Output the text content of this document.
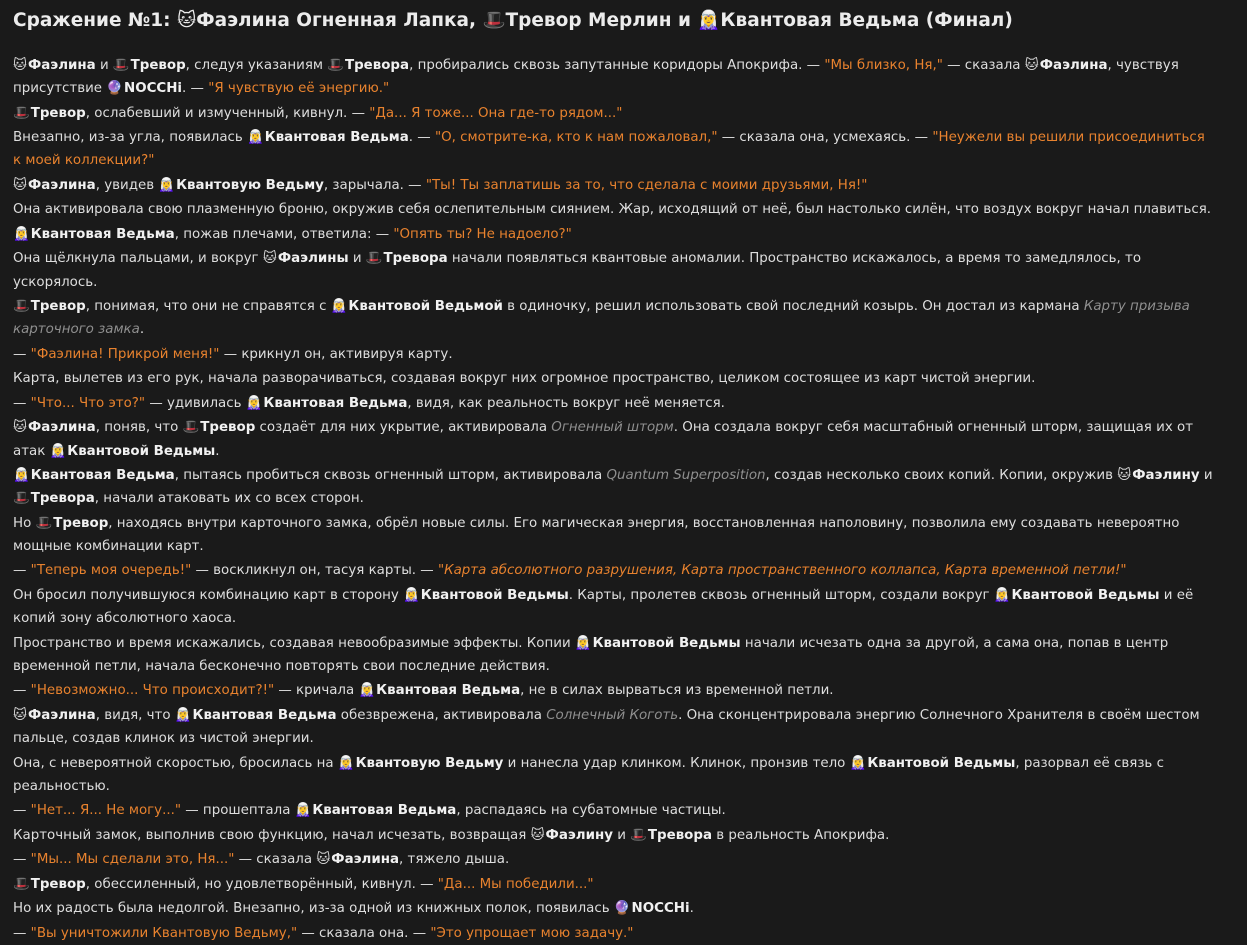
Сражение №1: 🐱Фаэлина Огненная Лапка, 🎩Тревор Мерлин и 🧝‍♀️Квантовая Ведьма (Финал)
🐱Фаэлина и 🎩Тревор, следуя указаниям 🎩Тревора, пробирались сквозь запутанные коридоры Апокрифа. — "Мы близко, Ня," — сказала 🐱Фаэлина, чувствуя присутствие 🔮NOCCHi. — "Я чувствую её энергию."
🎩Тревор, ослабевший и измученный, кивнул. — "Да... Я тоже... Она где-то рядом..."
Внезапно, из-за угла, появилась 🧝‍♀️Квантовая Ведьма. — "О, смотрите-ка, кто к нам пожаловал," — сказала она, усмехаясь. — "Неужели вы решили присоединиться к моей коллекции?"
🐱Фаэлина, увидев 🧝‍♀️Квантовую Ведьму, зарычала. — "Ты! Ты заплатишь за то, что сделала с моими друзьями, Ня!"
Она активировала свою плазменную броню, окружив себя ослепительным сиянием. Жар, исходящий от неё, был настолько силён, что воздух вокруг начал плавиться.
🧝‍♀️Квантовая Ведьма, пожав плечами, ответила: — "Опять ты? Не надоело?"
Она щёлкнула пальцами, и вокруг 🐱Фаэлины и 🎩Тревора начали появляться квантовые аномалии. Пространство искажалось, а время то замедлялось, то ускорялось.
🎩Тревор, понимая, что они не справятся с 🧝‍♀️Квантовой Ведьмой в одиночку, решил использовать свой последний козырь. Он достал из кармана Карту призыва карточного замка.
— "Фаэлина! Прикрой меня!" — крикнул он, активируя карту.
Карта, вылетев из его рук, начала разворачиваться, создавая вокруг них огромное пространство, целиком состоящее из карт чистой энергии.
— "Что... Что это?" — удивилась 🧝‍♀️Квантовая Ведьма, видя, как реальность вокруг неё меняется.
🐱Фаэлина, поняв, что 🎩Тревор создаёт для них укрытие, активировала Огненный шторм. Она создала вокруг себя масштабный огненный шторм, защищая их от атак 🧝‍♀️Квантовой Ведьмы.
🧝‍♀️Квантовая Ведьма, пытаясь пробиться сквозь огненный шторм, активировала Quantum Superposition, создав несколько своих копий. Копии, окружив 🐱Фаэлину и 🎩Тревора, начали атаковать их со всех сторон.
Но 🎩Тревор, находясь внутри карточного замка, обрёл новые силы. Его магическая энергия, восстановленная наполовину, позволила ему создавать невероятно мощные комбинации карт.
— "Теперь моя очередь!" — воскликнул он, тасуя карты. — "Карта абсолютного разрушения, Карта пространственного коллапса, Карта временной петли!"
Он бросил получившуюся комбинацию карт в сторону 🧝‍♀️Квантовой Ведьмы. Карты, пролетев сквозь огненный шторм, создали вокруг 🧝‍♀️Квантовой Ведьмы и её копий зону абсолютного хаоса.
Пространство и время искажались, создавая невообразимые эффекты. Копии 🧝‍♀️Квантовой Ведьмы начали исчезать одна за другой, а сама она, попав в центр временной петли, начала бесконечно повторять свои последние действия.
— "Невозможно... Что происходит?!" — кричала 🧝‍♀️Квантовая Ведьма, не в силах вырваться из временной петли.
🐱Фаэлина, видя, что 🧝‍♀️Квантовая Ведьма обезврежена, активировала Солнечный Коготь. Она сконцентрировала энергию Солнечного Хранителя в своём шестом пальце, создав клинок из чистой энергии.
Она, с невероятной скоростью, бросилась на 🧝‍♀️Квантовую Ведьму и нанесла удар клинком. Клинок, пронзив тело 🧝‍♀️Квантовой Ведьмы, разорвал её связь с реальностью.
— "Нет... Я... Не могу..." — прошептала 🧝‍♀️Квантовая Ведьма, распадаясь на субатомные частицы.
Карточный замок, выполнив свою функцию, начал исчезать, возвращая 🐱Фаэлину и 🎩Тревора в реальность Апокрифа.
— "Мы... Мы сделали это, Ня..." — сказала 🐱Фаэлина, тяжело дыша.
🎩Тревор, обессиленный, но удовлетворённый, кивнул. — "Да... Мы победили..."
Но их радость была недолгой. Внезапно, из-за одной из книжных полок, появилась 🔮NOCCHi.
— "Вы уничтожили Квантовую Ведьму," — сказала она. — "Это упрощает мою задачу."
